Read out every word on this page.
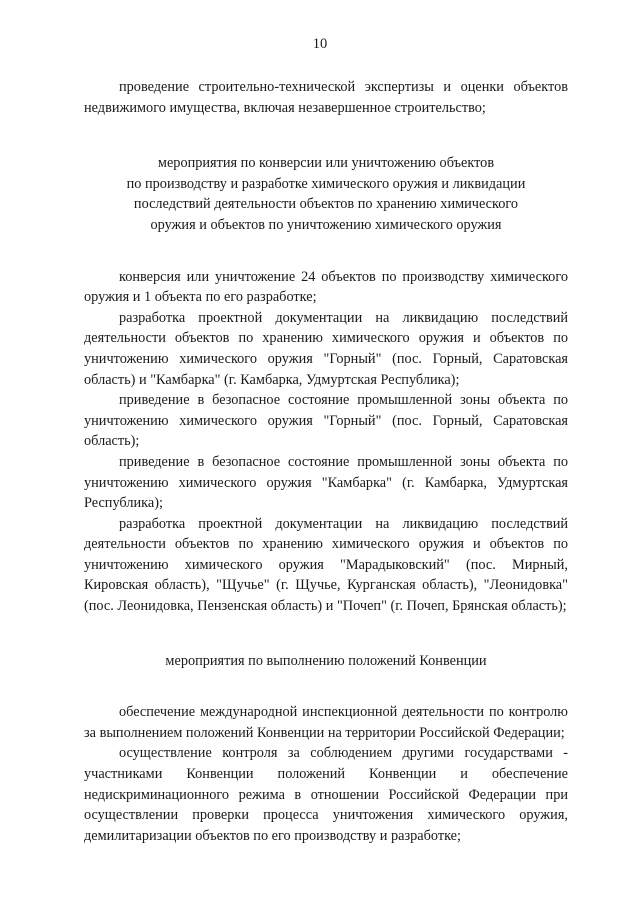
10

проведение строительно-технической экспертизы и оценки объектов недвижимого имущества, включая незавершенное строительство;

мероприятия по конверсии или уничтожению объектов
по производству и разработке химического оружия и ликвидации
последствий деятельности объектов по хранению химического
оружия и объектов по уничтожению химического оружия

конверсия или уничтожение 24 объектов по производству химического оружия и 1 объекта по его разработке;

разработка проектной документации на ликвидацию последствий деятельности объектов по хранению химического оружия и объектов по уничтожению химического оружия "Горный" (пос. Горный, Саратовская область) и "Камбарка" (г. Камбарка, Удмуртская Республика);

приведение в безопасное состояние промышленной зоны объекта по уничтожению химического оружия "Горный" (пос. Горный, Саратовская область);

приведение в безопасное состояние промышленной зоны объекта по уничтожению химического оружия "Камбарка" (г. Камбарка, Удмуртская Республика);

разработка проектной документации на ликвидацию последствий деятельности объектов по хранению химического оружия и объектов по уничтожению химического оружия "Марадыковский" (пос. Мирный, Кировская область), "Щучье" (г. Щучье, Курганская область), "Леонидовка" (пос. Леонидовка, Пензенская область) и "Почеп" (г. Почеп, Брянская область);

мероприятия по выполнению положений Конвенции

обеспечение международной инспекционной деятельности по контролю за выполнением положений Конвенции на территории Российской Федерации;

осуществление контроля за соблюдением другими государствами - участниками Конвенции положений Конвенции и обеспечение недискриминационного режима в отношении Российской Федерации при осуществлении проверки процесса уничтожения химического оружия, демилитаризации объектов по его производству и разработке;
